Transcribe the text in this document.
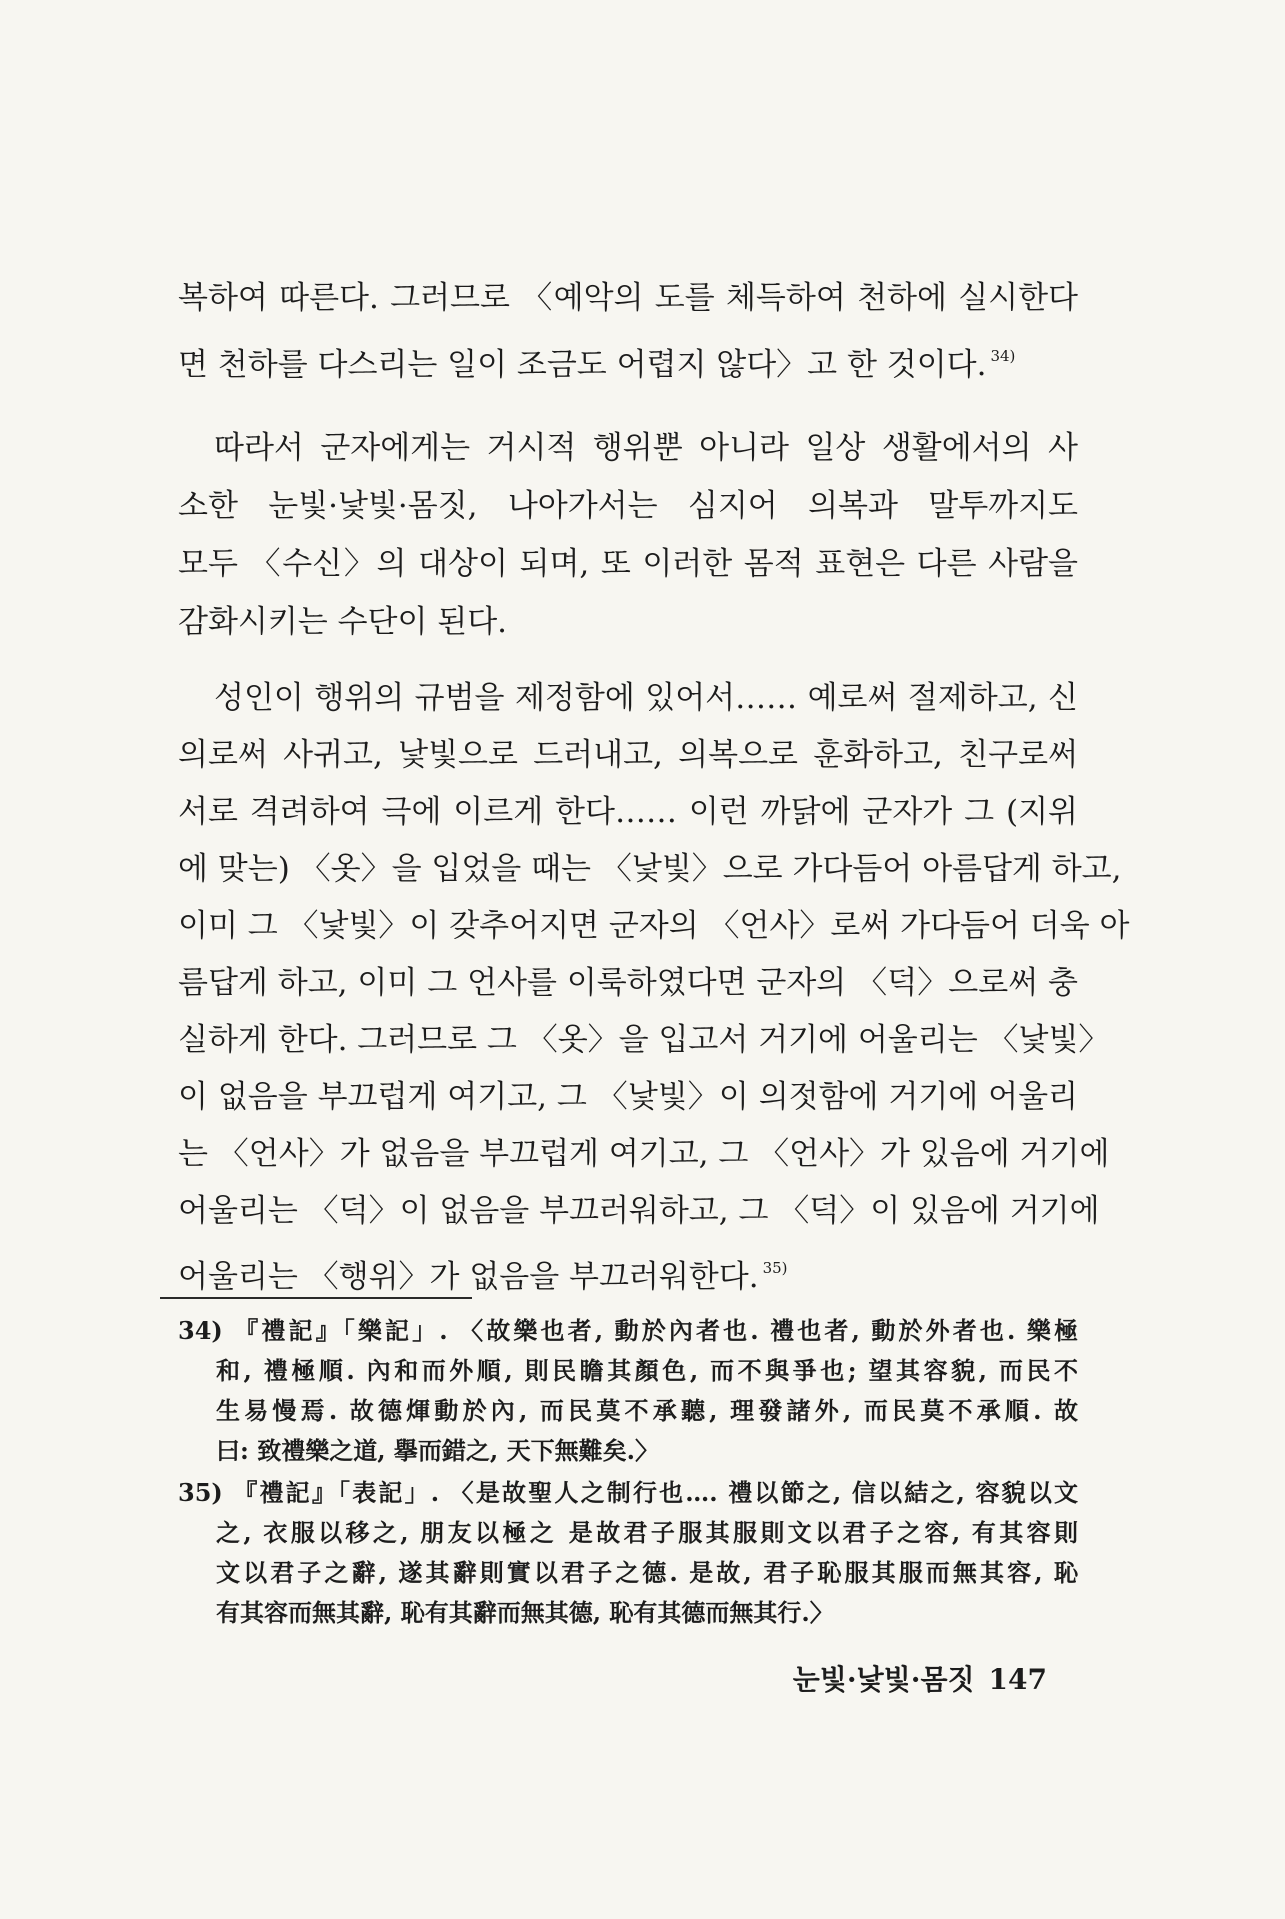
복하여 따른다. 그러므로 〈예악의 도를 체득하여 천하에 실시한다
면 천하를 다스리는 일이 조금도 어렵지 않다〉고 한 것이다. $^{34)}$
따라서 군자에게는 거시적 행위뿐 아니라 일상 생활에서의 사
소한 눈빛·낯빛·몸짓, 나아가서는 심지어 의복과 말투까지도
모두 〈수신〉의 대상이 되며, 또 이러한 몸적 표현은 다른 사람을
감화시키는 수단이 된다.
성인이 행위의 규범을 제정함에 있어서…… 예로써 절제하고, 신
의로써 사귀고, 낯빛으로 드러내고, 의복으로 훈화하고, 친구로써
서로 격려하여 극에 이르게 한다…… 이런 까닭에 군자가 그 (지위
에 맞는) 〈옷〉을 입었을 때는 〈낯빛〉으로 가다듬어 아름답게 하고,
이미 그 〈낯빛〉이 갖추어지면 군자의 〈언사〉로써 가다듬어 더욱 아
름답게 하고, 이미 그 언사를 이룩하였다면 군자의 〈덕〉으로써 충
실하게 한다. 그러므로 그 〈옷〉을 입고서 거기에 어울리는 〈낯빛〉
이 없음을 부끄럽게 여기고, 그 〈낯빛〉이 의젓함에 거기에 어울리
는 〈언사〉가 없음을 부끄럽게 여기고, 그 〈언사〉가 있음에 거기에
어울리는 〈덕〉이 없음을 부끄러워하고, 그 〈덕〉이 있음에 거기에
어울리는 〈행위〉가 없음을 부끄러워한다. $^{35)}$
34) 『禮記』「樂記」. 〈故樂也者, 動於內者也. 禮也者, 動於外者也. 樂極
和, 禮極順. 內和而外順, 則民瞻其顏色, 而不與爭也; 望其容貌, 而民不
生易慢焉. 故德煇動於內, 而民莫不承聽, 理發諸外, 而民莫不承順. 故
曰: 致禮樂之道, 擧而錯之, 天下無難矣.〉
35) 『禮記』「表記」. 〈是故聖人之制行也…. 禮以節之, 信以結之, 容貌以文
之, 衣服以移之, 朋友以極之 是故君子服其服則文以君子之容, 有其容則
文以君子之辭, 遂其辭則實以君子之德. 是故, 君子恥服其服而無其容, 恥
有其容而無其辭, 恥有其辭而無其德, 恥有其德而無其行.〉
눈빛·낯빛·몸짓 147
